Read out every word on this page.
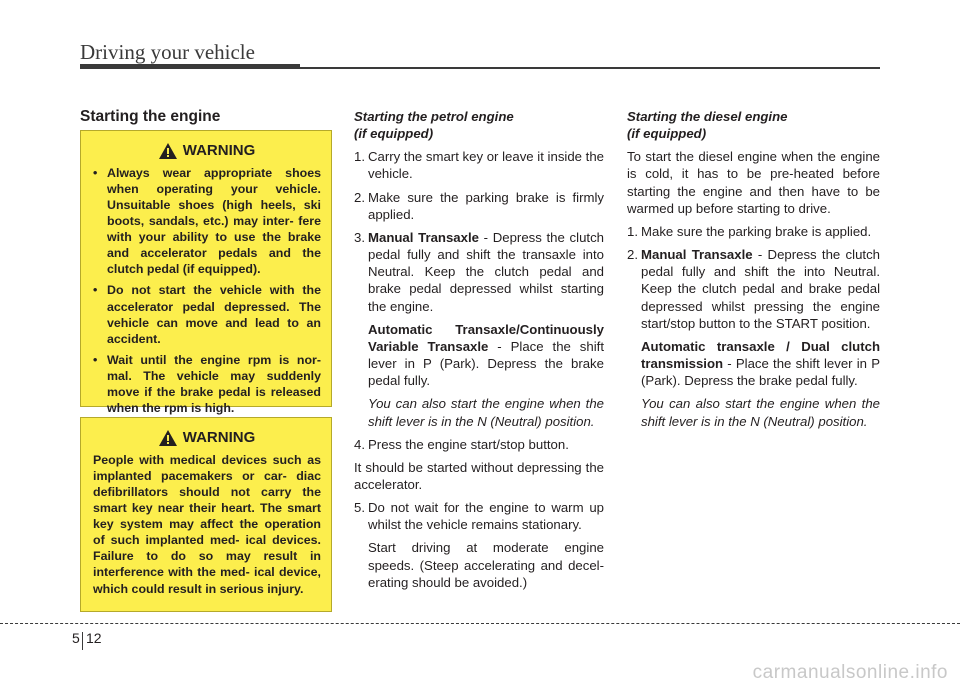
Driving your vehicle
Starting the engine
WARNING
• Always wear appropriate shoes when operating your vehicle. Unsuitable shoes (high heels, ski boots, sandals, etc.) may inter- fere with your ability to use the brake and accelerator pedals and the clutch pedal (if equipped).
• Do not start the vehicle with the accelerator pedal depressed. The vehicle can move and lead to an accident.
• Wait until the engine rpm is nor- mal. The vehicle may suddenly move if the brake pedal is released when the rpm is high.
WARNING
People with medical devices such as implanted pacemakers or car- diac defibrillators should not carry the smart key near their heart. The smart key system may affect the operation of such implanted med- ical devices. Failure to do so may result in interference with the med- ical device, which could result in serious injury.
Starting the petrol engine
(if equipped)
1. Carry the smart key or leave it inside the vehicle.
2. Make sure the parking brake is firmly applied.
3. Manual Transaxle - Depress the clutch pedal fully and shift the transaxle into Neutral. Keep the clutch pedal and brake pedal depressed whilst starting the engine.
Automatic Transaxle/Continuously Variable Transaxle - Place the shift lever in P (Park). Depress the brake pedal fully.
You can also start the engine when the shift lever is in the N (Neutral) position.
4. Press the engine start/stop button.
It should be started without depressing the accelerator.
5. Do not wait for the engine to warm up whilst the vehicle remains stationary.
Start driving at moderate engine speeds. (Steep accelerating and decel- erating should be avoided.)
Starting the diesel engine
(if equipped)
To start the diesel engine when the engine is cold, it has to be pre-heated before starting the engine and then have to be warmed up before starting to drive.
1. Make sure the parking brake is applied.
2. Manual Transaxle - Depress the clutch pedal fully and shift the into Neutral. Keep the clutch pedal and brake pedal depressed whilst pressing the engine start/stop button to the START position.
Automatic transaxle / Dual clutch transmission - Place the shift lever in P (Park). Depress the brake pedal fully.
You can also start the engine when the shift lever is in the N (Neutral) position.
5 12
carmanualsonline.info
